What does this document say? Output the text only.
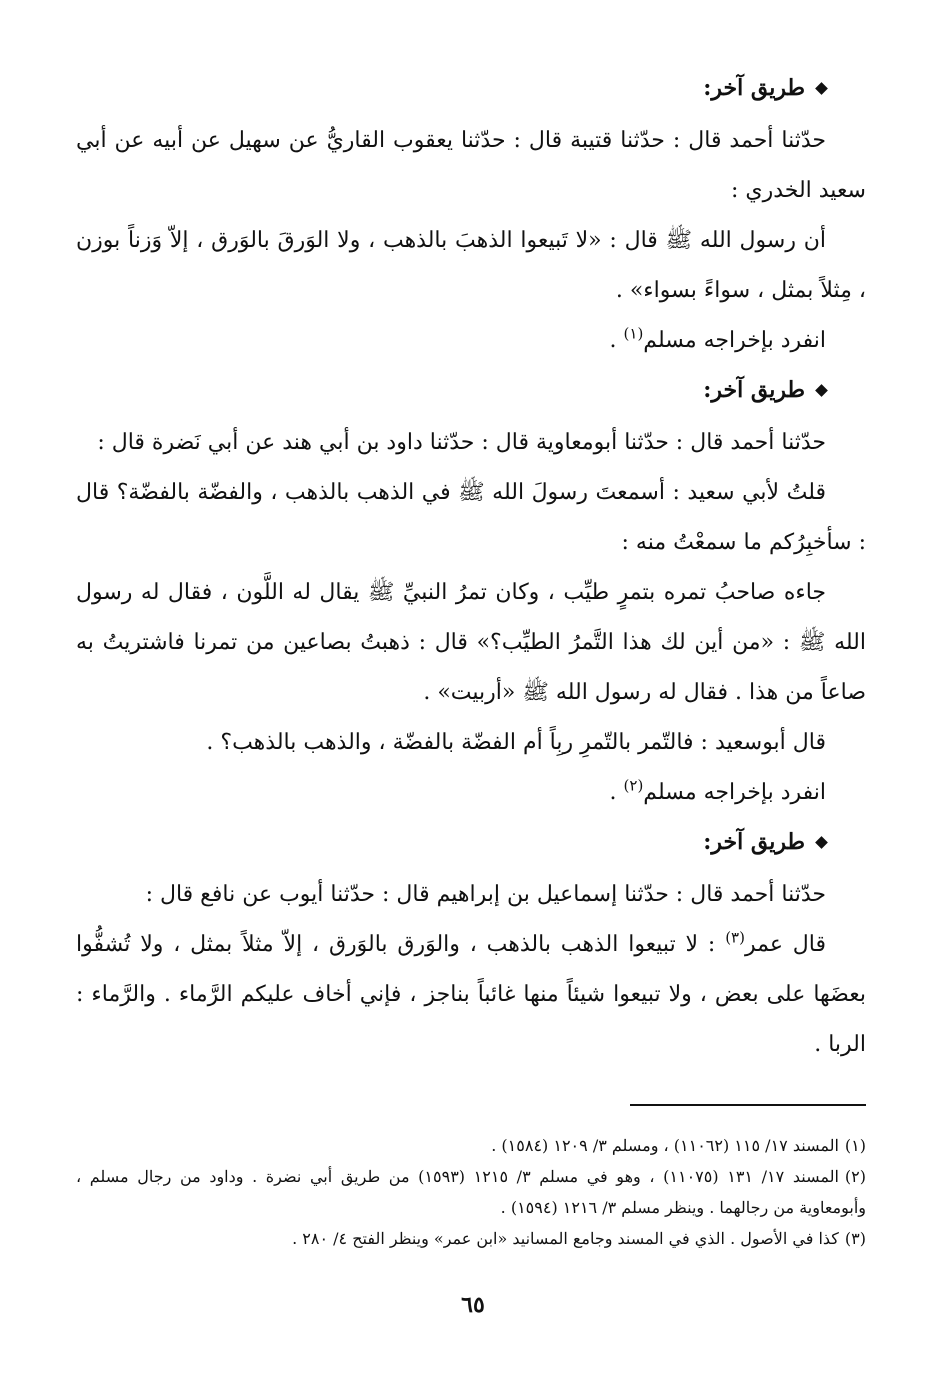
طريق آخر:

حدّثنا أحمد قال : حدّثنا قتيبة قال : حدّثنا يعقوب القاريُّ عن سهيل عن أبيه عن أبي سعيد الخدري :

أن رسول الله ﷺ قال : «لا تَبيعوا الذهبَ بالذهب ، ولا الوَرقَ بالوَرق ، إلاّ وَزناً بوزن ، مِثلاً بمثل ، سواءً بسواء» .

انفرد بإخراجه مسلم$^{(١)}$ .

طريق آخر:

حدّثنا أحمد قال : حدّثنا أبومعاوية قال : حدّثنا داود بن أبي هند عن أبي نَضرة قال :

قلتُ لأبي سعيد : أسمعتَ رسولَ الله ﷺ في الذهب بالذهب ، والفضّة بالفضّة؟ قال : سأخبِرُكم ما سمعْتُ منه :

جاءه صاحبُ تمره بتمرٍ طيِّب ، وكان تمرُ النبيِّ ﷺ يقال له اللَّون ، فقال له رسول الله ﷺ : «من أين لك هذا التَّمرُ الطيِّب؟» قال : ذهبتُ بصاعين من تمرنا فاشتريتُ به صاعاً من هذا . فقال له رسول الله ﷺ «أربيت» .

قال أبوسعيد : فالتّمر بالتّمرِ ربِاً أم الفضّة بالفضّة ، والذهب بالذهب؟ .

انفرد بإخراجه مسلم$^{(٢)}$ .

طريق آخر:

حدّثنا أحمد قال : حدّثنا إسماعيل بن إبراهيم قال : حدّثنا أيوب عن نافع قال :

قال عمر$^{(٣)}$ : لا تبيعوا الذهب بالذهب ، والوَرق بالوَرق ، إلاّ مثلاً بمثل ، ولا تُشفُّوا بعضَها على بعض ، ولا تبيعوا شيئاً منها غائباً بناجز ، فإني أخاف عليكم الرَّماء . والرَّماء : الربا .

(١)المسند ١٧/ ١١٥ (١١٠٦٢) ، ومسلم ٣/ ١٢٠٩ (١٥٨٤) .

(٢)المسند ١٧/ ١٣١ (١١٠٧٥) ، وهو في مسلم ٣/ ١٢١٥ (١٥٩٣) من طريق أبي نضرة . وداود من رجال مسلم ، وأبومعاوية من رجالهما . وينظر مسلم ٣/ ١٢١٦ (١٥٩٤) .

(٣)كذا في الأصول . الذي في المسند وجامع المسانيد «ابن عمر» وينظر الفتح ٤/ ٢٨٠ .

٦٥
